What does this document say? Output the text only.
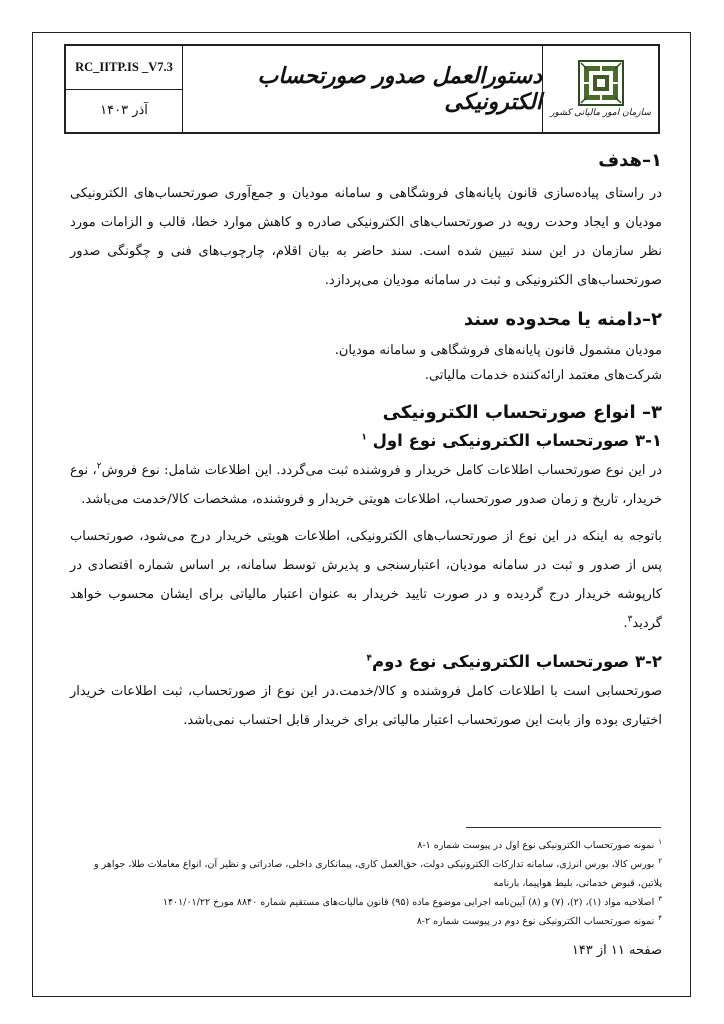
RC_IITP.IS _V7.3
آذر ۱۴۰۳
دستورالعمل صدور صورتحساب الکترونیکی سازمان امور مالیاتی کشور
۱–هدف

در راستای پیاده‌سازی قانون پایانه‌های فروشگاهی و سامانه مودیان و جمع‌آوری صورتحساب‌های الکترونیکی مودیان و ایجاد وحدت رویه در صورتحساب‌های الکترونیکی صادره و کاهش موارد خطا، قالب و الزامات مورد نظر سازمان در این سند تبیین شده است. سند حاضر به بیان اقلام، چارچوب‌های فنی و چگونگی صدور صورتحساب‌های الکترونیکی و ثبت در سامانه مودیان می‌پردازد.

۲–دامنه یا محدوده سند

مودیان مشمول قانون پایانه‌های فروشگاهی و سامانه مودیان.

شرکت‌های معتمد ارائه‌کننده خدمات مالیاتی.

۳– انواع صورتحساب الکترونیکی
۳-۱ صورتحساب الکترونیکی نوع اول $^۱$

در این نوع صورتحساب اطلاعات کامل خریدار و فروشنده ثبت می‌گردد. این اطلاعات شامل: نوع فروش$^۲$، نوع خریدار، تاریخ و زمان صدور صورتحساب، اطلاعات هویتی خریدار و فروشنده، مشخصات کالا/خدمت می‌باشد.

باتوجه به اینکه در این نوع از صورتحساب‌های الکترونیکی، اطلاعات هویتی خریدار درج می‌شود، صورتحساب پس از صدور و ثبت در سامانه مودیان، اعتبارسنجی و پذیرش توسط سامانه، بر اساس شماره اقتصادی در کارپوشه خریدار درج گردیده و در صورت تایید خریدار به عنوان اعتبار مالیاتی برای ایشان محسوب خواهد گردید$^۳$.

۳-۲ صورتحساب الکترونیکی نوع دوم$^۴$

صورتحسابی است با اطلاعات کامل فروشنده و کالا/خدمت.در این نوع از صورتحساب، ثبت اطلاعات خریدار اختیاری بوده واز بابت این صورتحساب اعتبار مالیاتی برای خریدار قابل احتساب نمی‌باشد.

$^۱$نمونه صورتحساب الکترونیکی نوع اول در پیوست شماره ۱-۸
$^۲$بورس کالا، بورس انرژی، سامانه تدارکات الکترونیکی دولت، حق‌العمل کاری، پیمانکاری داخلی، صادراتی و نظیر آن، انواع معاملات طلا، جواهر و پلاتین، قبوض خدماتی، بلیط هواپیما، بارنامه
$^۳$اصلاحیه مواد (۱)، (۲)، (۷) و (۸) آیین‌نامه اجرایی موضوع ماده (۹۵) قانون مالیات‌های مستقیم شماره ۸۸۴۰ مورخ ۱۴۰۱/۰۱/۲۲
$^۴$نمونه صورتحساب الکترونیکی نوع دوم در پیوست شماره ۲-۸
صفحه ۱۱ از ۱۴۳
